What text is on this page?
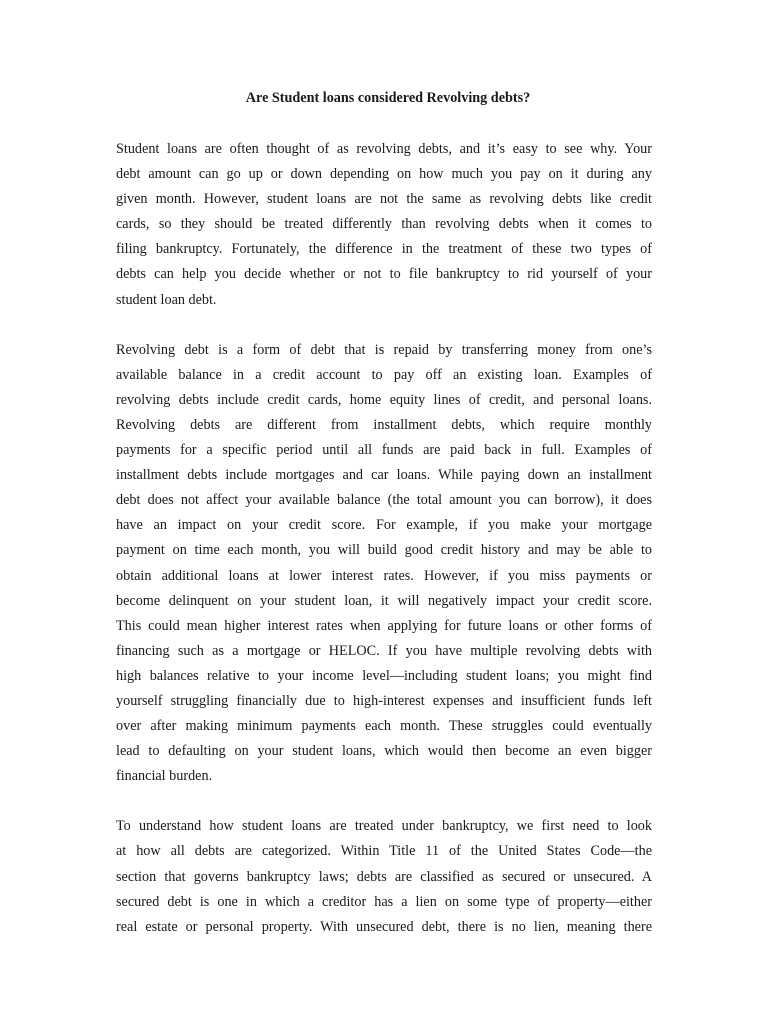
Are Student loans considered Revolving debts?
Student loans are often thought of as revolving debts, and it’s easy to see why. Your
debt amount can go up or down depending on how much you pay on it during any
given month. However, student loans are not the same as revolving debts like credit
cards, so they should be treated differently than revolving debts when it comes to
filing bankruptcy. Fortunately, the difference in the treatment of these two types of
debts can help you decide whether or not to file bankruptcy to rid yourself of your
student loan debt.
Revolving debt is a form of debt that is repaid by transferring money from one’s
available balance in a credit account to pay off an existing loan. Examples of
revolving debts include credit cards, home equity lines of credit, and personal loans.
Revolving debts are different from installment debts, which require monthly
payments for a specific period until all funds are paid back in full. Examples of
installment debts include mortgages and car loans. While paying down an installment
debt does not affect your available balance (the total amount you can borrow), it does
have an impact on your credit score. For example, if you make your mortgage
payment on time each month, you will build good credit history and may be able to
obtain additional loans at lower interest rates. However, if you miss payments or
become delinquent on your student loan, it will negatively impact your credit score.
This could mean higher interest rates when applying for future loans or other forms of
financing such as a mortgage or HELOC. If you have multiple revolving debts with
high balances relative to your income level—including student loans; you might find
yourself struggling financially due to high-interest expenses and insufficient funds left
over after making minimum payments each month. These struggles could eventually
lead to defaulting on your student loans, which would then become an even bigger
financial burden.
To understand how student loans are treated under bankruptcy, we first need to look
at how all debts are categorized. Within Title 11 of the United States Code—the
section that governs bankruptcy laws; debts are classified as secured or unsecured. A
secured debt is one in which a creditor has a lien on some type of property—either
real estate or personal property. With unsecured debt, there is no lien, meaning there
